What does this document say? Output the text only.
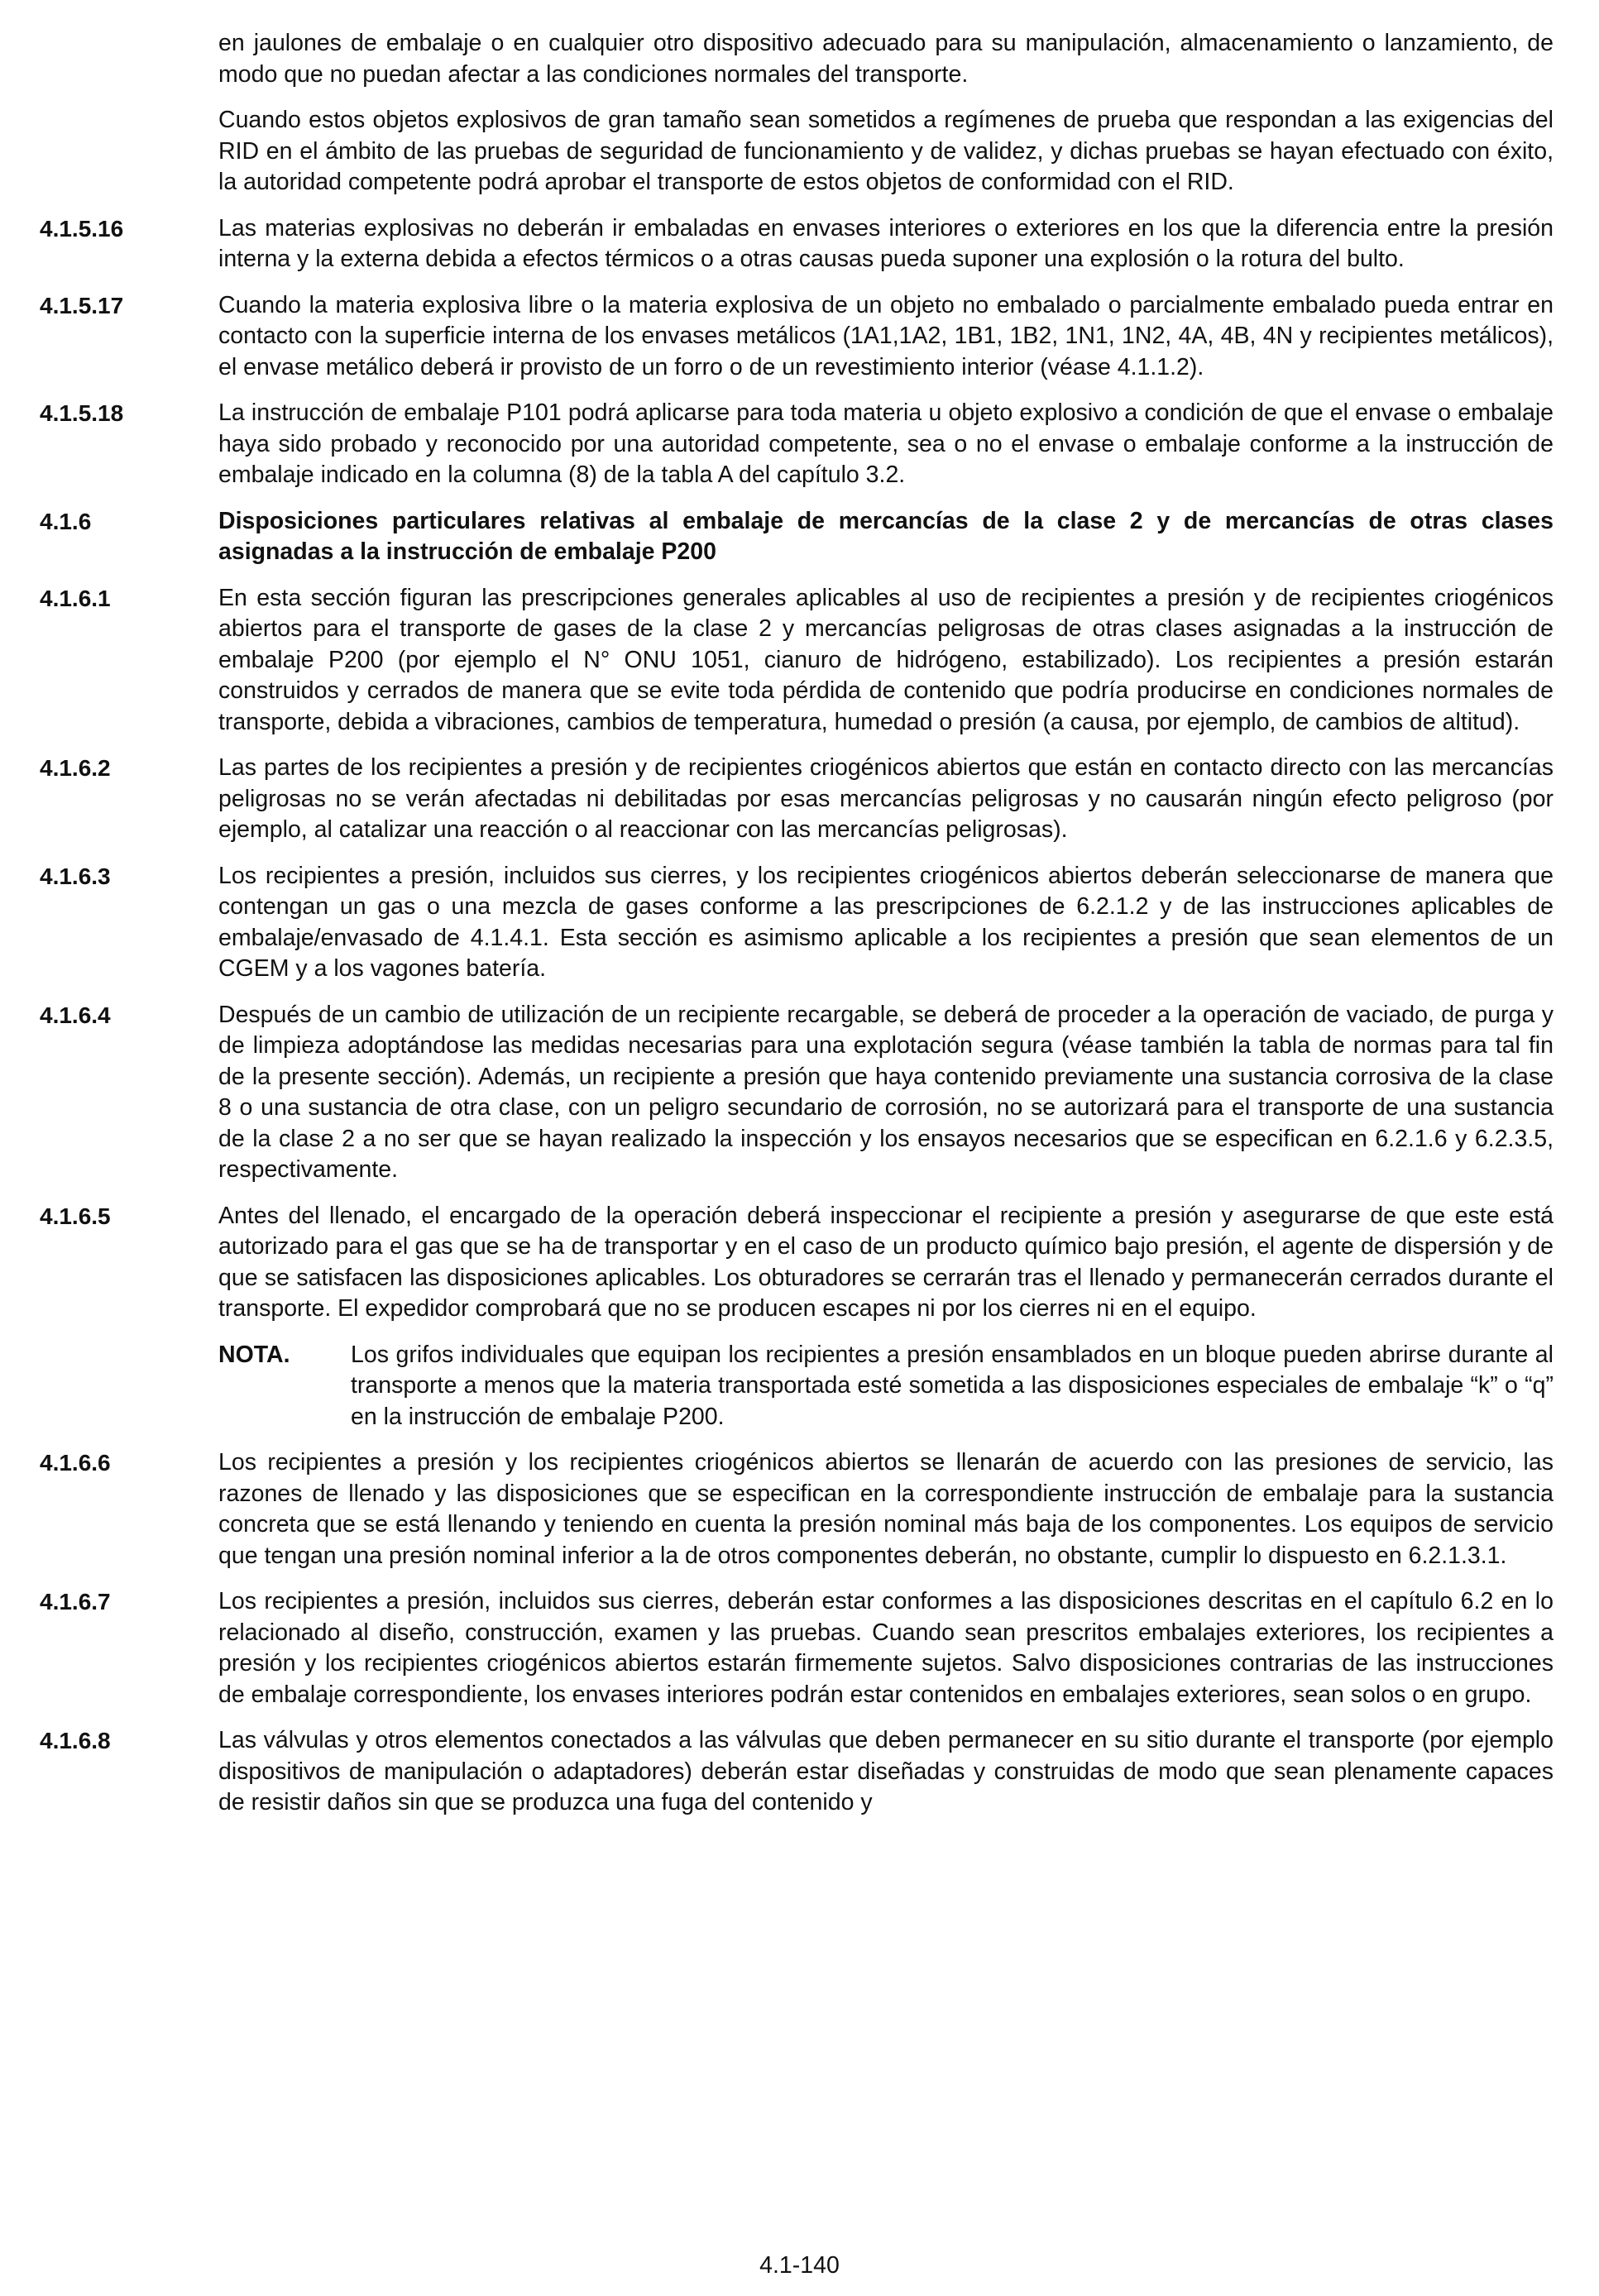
en jaulones de embalaje o en cualquier otro dispositivo adecuado para su manipulación, almacenamiento o lanzamiento, de modo que no puedan afectar a las condiciones normales del transporte.

Cuando estos objetos explosivos de gran tamaño sean sometidos a regímenes de prueba que respondan a las exigencias del RID en el ámbito de las pruebas de seguridad de funcionamiento y de validez, y dichas pruebas se hayan efectuado con éxito, la autoridad competente podrá aprobar el transporte de estos objetos de conformidad con el RID.

4.1.5.16	Las materias explosivas no deberán ir embaladas en envases interiores o exteriores en los que la diferencia entre la presión interna y la externa debida a efectos térmicos o a otras causas pueda suponer una explosión o la rotura del bulto.

4.1.5.17	Cuando la materia explosiva libre o la materia explosiva de un objeto no embalado o parcialmente embalado pueda entrar en contacto con la superficie interna de los envases metálicos (1A1,1A2, 1B1, 1B2, 1N1, 1N2, 4A, 4B, 4N y recipientes metálicos), el envase metálico deberá ir provisto de un forro o de un revestimiento interior (véase 4.1.1.2).

4.1.5.18	La instrucción de embalaje P101 podrá aplicarse para toda materia u objeto explosivo a condición de que el envase o embalaje haya sido probado y reconocido por una autoridad competente, sea o no el envase o embalaje conforme a la instrucción de embalaje indicado en la columna (8) de la tabla A del capítulo 3.2.

4.1.6	Disposiciones particulares relativas al embalaje de mercancías de la clase 2 y de mercancías de otras clases asignadas a la instrucción de embalaje P200

4.1.6.1	En esta sección figuran las prescripciones generales aplicables al uso de recipientes a presión y de recipientes criogénicos abiertos para el transporte de gases de la clase 2 y mercancías peligrosas de otras clases asignadas a la instrucción de embalaje P200 (por ejemplo el N° ONU 1051, cianuro de hidrógeno, estabilizado). Los recipientes a presión estarán construidos y cerrados de manera que se evite toda pérdida de contenido que podría producirse en condiciones normales de transporte, debida a vibraciones, cambios de temperatura, humedad o presión (a causa, por ejemplo, de cambios de altitud).

4.1.6.2	Las partes de los recipientes a presión y de recipientes criogénicos abiertos que están en contacto directo con las mercancías peligrosas no se verán afectadas ni debilitadas por esas mercancías peligrosas y no causarán ningún efecto peligroso (por ejemplo, al catalizar una reacción o al reaccionar con las mercancías peligrosas).

4.1.6.3	Los recipientes a presión, incluidos sus cierres, y los recipientes criogénicos abiertos deberán seleccionarse de manera que contengan un gas o una mezcla de gases conforme a las prescripciones de 6.2.1.2 y de las instrucciones aplicables de embalaje/envasado de 4.1.4.1. Esta sección es asimismo aplicable a los recipientes a presión que sean elementos de un CGEM y a los vagones batería.

4.1.6.4	Después de un cambio de utilización de un recipiente recargable, se deberá de proceder a la operación de vaciado, de purga y de limpieza adoptándose las medidas necesarias para una explotación segura (véase también la tabla de normas para tal fin de la presente sección). Además, un recipiente a presión que haya contenido previamente una sustancia corrosiva de la clase 8 o una sustancia de otra clase, con un peligro secundario de corrosión, no se autorizará para el transporte de una sustancia de la clase 2 a no ser que se hayan realizado la inspección y los ensayos necesarios que se especifican en 6.2.1.6 y 6.2.3.5, respectivamente.

4.1.6.5	Antes del llenado, el encargado de la operación deberá inspeccionar el recipiente a presión y asegurarse de que este está autorizado para el gas que se ha de transportar y en el caso de un producto químico bajo presión, el agente de dispersión y de que se satisfacen las disposiciones aplicables. Los obturadores se cerrarán tras el llenado y permanecerán cerrados durante el transporte. El expedidor comprobará que no se producen escapes ni por los cierres ni en el equipo.

NOTA.	Los grifos individuales que equipan los recipientes a presión ensamblados en un bloque pueden abrirse durante al transporte a menos que la materia transportada esté sometida a las disposiciones especiales de embalaje “k” o “q” en la instrucción de embalaje P200.
4.1.6.6	Los recipientes a presión y los recipientes criogénicos abiertos se llenarán de acuerdo con las presiones de servicio, las razones de llenado y las disposiciones que se especifican en la correspondiente instrucción de embalaje para la sustancia concreta que se está llenando y teniendo en cuenta la presión nominal más baja de los componentes. Los equipos de servicio que tengan una presión nominal inferior a la de otros componentes deberán, no obstante, cumplir lo dispuesto en 6.2.1.3.1.

4.1.6.7	Los recipientes a presión, incluidos sus cierres, deberán estar conformes a las disposiciones descritas en el capítulo 6.2 en lo relacionado al diseño, construcción, examen y las pruebas. Cuando sean prescritos embalajes exteriores, los recipientes a presión y los recipientes criogénicos abiertos estarán firmemente sujetos. Salvo disposiciones contrarias de las instrucciones de embalaje correspondiente, los envases interiores podrán estar contenidos en embalajes exteriores, sean solos o en grupo.

4.1.6.8	Las válvulas y otros elementos conectados a las válvulas que deben permanecer en su sitio durante el transporte (por ejemplo dispositivos de manipulación o adaptadores) deberán estar diseñadas y construidas de modo que sean plenamente capaces de resistir daños sin que se produzca una fuga del contenido y

4.1-140
